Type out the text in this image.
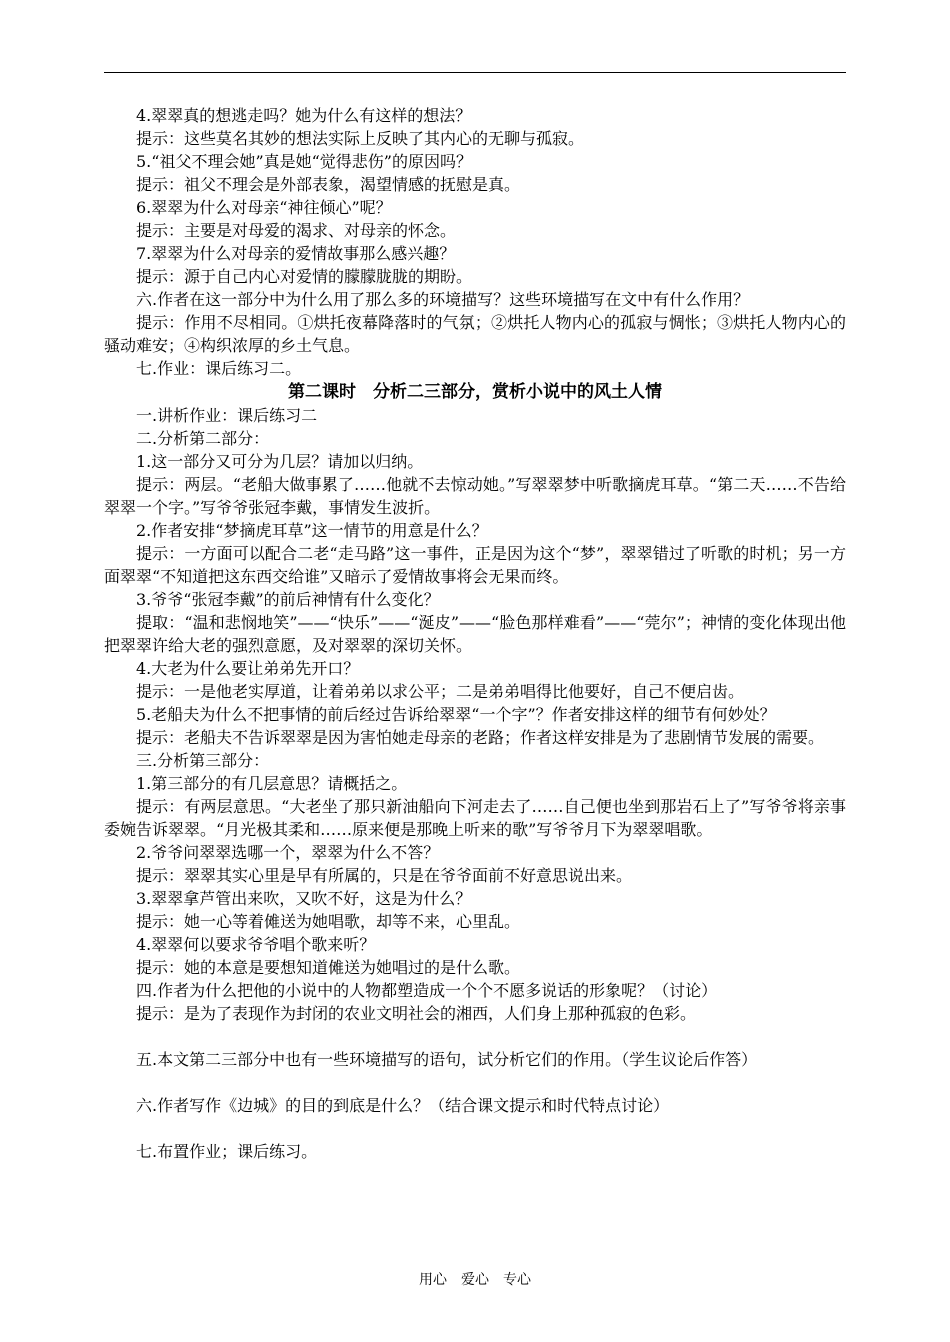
4.翠翠真的想逃走吗？她为什么有这样的想法？

提示：这些莫名其妙的想法实际上反映了其内心的无聊与孤寂。

5.“祖父不理会她”真是她“觉得悲伤”的原因吗？

提示：祖父不理会是外部表象，渴望情感的抚慰是真。

6.翠翠为什么对母亲“神往倾心”呢？

提示：主要是对母爱的渴求、对母亲的怀念。

7.翠翠为什么对母亲的爱情故事那么感兴趣？

提示：源于自己内心对爱情的朦朦胧胧的期盼。

六.作者在这一部分中为什么用了那么多的环境描写？这些环境描写在文中有什么作用？

提示：作用不尽相同。①烘托夜幕降落时的气氛；②烘托人物内心的孤寂与惆怅；③烘托人物内心的骚动难安；④构织浓厚的乡土气息。

七.作业：课后练习二。

第二课时　分析二三部分，赏析小说中的风土人情

一.讲析作业：课后练习二

二.分析第二部分：

1.这一部分又可分为几层？请加以归纳。

提示：两层。“老船大做事累了……他就不去惊动她。”写翠翠梦中听歌摘虎耳草。“第二天……不告给翠翠一个字。”写爷爷张冠李戴，事情发生波折。

2.作者安排“梦摘虎耳草”这一情节的用意是什么？

提示：一方面可以配合二老“走马路”这一事件，正是因为这个“梦”，翠翠错过了听歌的时机；另一方面翠翠“不知道把这东西交给谁”又暗示了爱情故事将会无果而终。

3.爷爷“张冠李戴”的前后神情有什么变化？

提取：“温和悲悯地笑”——“快乐”——“涎皮”——“脸色那样难看”——“莞尔”；神情的变化体现出他把翠翠许给大老的强烈意愿，及对翠翠的深切关怀。

4.大老为什么要让弟弟先开口？

提示：一是他老实厚道，让着弟弟以求公平；二是弟弟唱得比他要好，自己不便启齿。

5.老船夫为什么不把事情的前后经过告诉给翠翠“一个字”？作者安排这样的细节有何妙处？

提示：老船夫不告诉翠翠是因为害怕她走母亲的老路；作者这样安排是为了悲剧情节发展的需要。

三.分析第三部分：

1.第三部分的有几层意思？请概括之。

提示：有两层意思。“大老坐了那只新油船向下河走去了……自己便也坐到那岩石上了”写爷爷将亲事委婉告诉翠翠。“月光极其柔和……原来便是那晚上听来的歌”写爷爷月下为翠翠唱歌。

2.爷爷问翠翠选哪一个，翠翠为什么不答？

提示：翠翠其实心里是早有所属的，只是在爷爷面前不好意思说出来。

3.翠翠拿芦管出来吹，又吹不好，这是为什么？

提示：她一心等着傩送为她唱歌，却等不来，心里乱。

4.翠翠何以要求爷爷唱个歌来听？

提示：她的本意是要想知道傩送为她唱过的是什么歌。

四.作者为什么把他的小说中的人物都塑造成一个个不愿多说话的形象呢？（讨论）

提示：是为了表现作为封闭的农业文明社会的湘西，人们身上那种孤寂的色彩。

五.本文第二三部分中也有一些环境描写的语句，试分析它们的作用。（学生议论后作答）

六.作者写作《边城》的目的到底是什么？（结合课文提示和时代特点讨论）

七.布置作业；课后练习。

用心　爱心　专心
